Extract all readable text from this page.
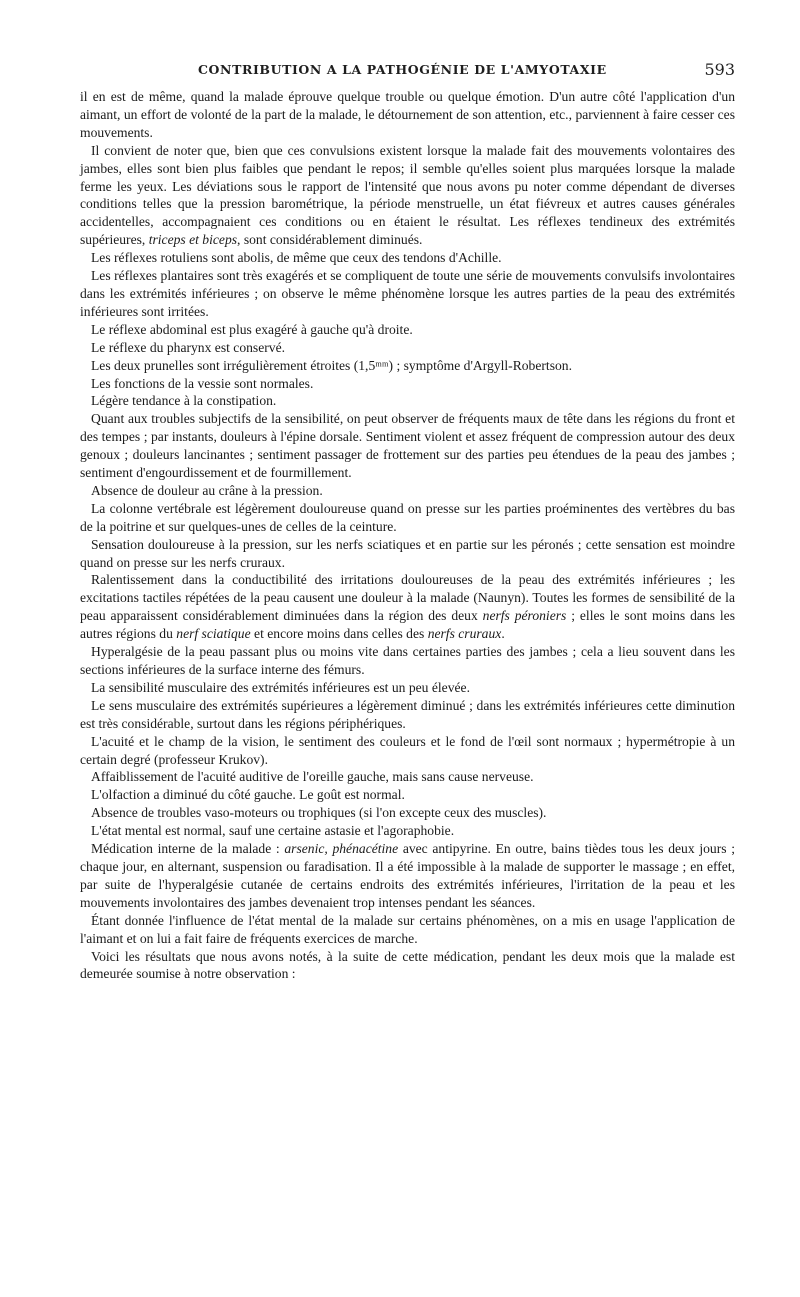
CONTRIBUTION A LA PATHOGÉNIE DE L'AMYOTAXIE	593

il en est de même, quand la malade éprouve quelque trouble ou quelque émotion. D'un autre côté l'application d'un aimant, un effort de volonté de la part de la malade, le détournement de son attention, etc., parviennent à faire cesser ces mouvements.

Il convient de noter que, bien que ces convulsions existent lorsque la malade fait des mouvements volontaires des jambes, elles sont bien plus faibles que pendant le repos; il semble qu'elles soient plus marquées lorsque la malade ferme les yeux. Les déviations sous le rapport de l'intensité que nous avons pu noter comme dépendant de diverses conditions telles que la pression barométrique, la période menstruelle, un état fiévreux et autres causes générales accidentelles, accompagnaient ces conditions ou en étaient le résultat. Les réflexes tendineux des extrémités supérieures, triceps et biceps, sont considérablement diminués.

Les réflexes rotuliens sont abolis, de même que ceux des tendons d'Achille.

Les réflexes plantaires sont très exagérés et se compliquent de toute une série de mouvements convulsifs involontaires dans les extrémités inférieures ; on observe le même phénomène lorsque les autres parties de la peau des extrémités inférieures sont irritées.

Le réflexe abdominal est plus exagéré à gauche qu'à droite.

Le réflexe du pharynx est conservé.

Les deux prunelles sont irrégulièrement étroites (1,5ᵐᵐ) ; symptôme d'Argyll-Robertson.

Les fonctions de la vessie sont normales.

Légère tendance à la constipation.

Quant aux troubles subjectifs de la sensibilité, on peut observer de fréquents maux de tête dans les régions du front et des tempes ; par instants, douleurs à l'épine dorsale. Sentiment violent et assez fréquent de compression autour des deux genoux ; douleurs lancinantes ; sentiment passager de frottement sur des parties peu étendues de la peau des jambes ; sentiment d'engourdissement et de fourmillement.

Absence de douleur au crâne à la pression.

La colonne vertébrale est légèrement douloureuse quand on presse sur les parties proéminentes des vertèbres du bas de la poitrine et sur quelques-unes de celles de la ceinture.

Sensation douloureuse à la pression, sur les nerfs sciatiques et en partie sur les péronés ; cette sensation est moindre quand on presse sur les nerfs cruraux.

Ralentissement dans la conductibilité des irritations douloureuses de la peau des extrémités inférieures ; les excitations tactiles répétées de la peau causent une douleur à la malade (Naunyn). Toutes les formes de sensibilité de la peau apparaissent considérablement diminuées dans la région des deux nerfs péroniers ; elles le sont moins dans les autres régions du nerf sciatique et encore moins dans celles des nerfs cruraux.

Hyperalgésie de la peau passant plus ou moins vite dans certaines parties des jambes ; cela a lieu souvent dans les sections inférieures de la surface interne des fémurs.

La sensibilité musculaire des extrémités inférieures est un peu élevée.

Le sens musculaire des extrémités supérieures a légèrement diminué ; dans les extrémités inférieures cette diminution est très considérable, surtout dans les régions périphériques.

L'acuité et le champ de la vision, le sentiment des couleurs et le fond de l'œil sont normaux ; hypermétropie à un certain degré (professeur Krukov).

Affaiblissement de l'acuité auditive de l'oreille gauche, mais sans cause nerveuse.

L'olfaction a diminué du côté gauche. Le goût est normal.

Absence de troubles vaso-moteurs ou trophiques (si l'on excepte ceux des muscles).

L'état mental est normal, sauf une certaine astasie et l'agoraphobie.

Médication interne de la malade : arsenic, phénacétine avec antipyrine. En outre, bains tièdes tous les deux jours ; chaque jour, en alternant, suspension ou faradisation. Il a été impossible à la malade de supporter le massage ; en effet, par suite de l'hyperalgésie cutanée de certains endroits des extrémités inférieures, l'irritation de la peau et les mouvements involontaires des jambes devenaient trop intenses pendant les séances.

Étant donnée l'influence de l'état mental de la malade sur certains phénomènes, on a mis en usage l'application de l'aimant et on lui a fait faire de fréquents exercices de marche.

Voici les résultats que nous avons notés, à la suite de cette médication, pendant les deux mois que la malade est demeurée soumise à notre observation :
